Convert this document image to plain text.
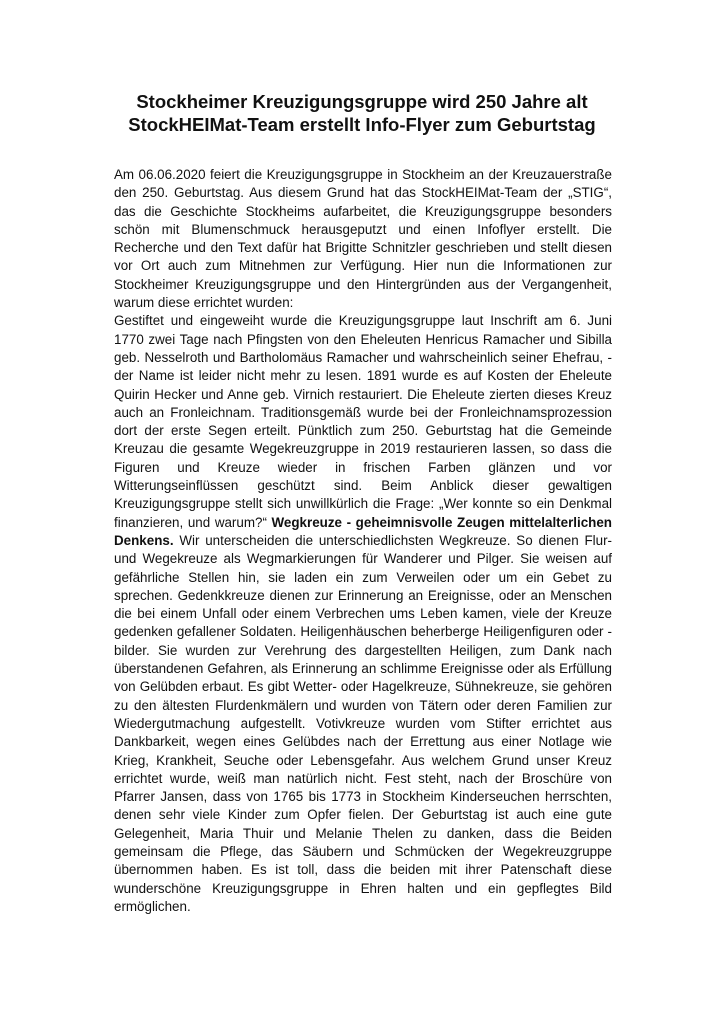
Stockheimer Kreuzigungsgruppe wird 250 Jahre alt
StockHEIMat-Team erstellt Info-Flyer zum Geburtstag

Am 06.06.2020 feiert die Kreuzigungsgruppe in Stockheim an der Kreuzauerstraße den 250. Geburtstag. Aus diesem Grund hat das StockHEIMat-Team der „STIG“, das die Geschichte Stockheims aufarbeitet, die Kreuzigungsgruppe besonders schön mit Blumenschmuck herausgeputzt und einen Infoflyer erstellt. Die Recherche und den Text dafür hat Brigitte Schnitzler geschrieben und stellt diesen vor Ort auch zum Mitnehmen zur Verfügung. Hier nun die Informationen zur Stockheimer Kreuzigungsgruppe und den Hintergründen aus der Vergangenheit, warum diese errichtet wurden:

Gestiftet und eingeweiht wurde die Kreuzigungsgruppe laut Inschrift am 6. Juni 1770 zwei Tage nach Pfingsten von den Eheleuten Henricus Ramacher und Sibilla geb. Nesselroth und Bartholomäus Ramacher und wahrscheinlich seiner Ehefrau, - der Name ist leider nicht mehr zu lesen. 1891 wurde es auf Kosten der Eheleute Quirin Hecker und Anne geb. Virnich restauriert. Die Eheleute zierten dieses Kreuz auch an Fronleichnam. Traditionsgemäß wurde bei der Fronleichnamsprozession dort der erste Segen erteilt. Pünktlich zum 250. Geburtstag hat die Gemeinde Kreuzau die gesamte Wegekreuzgruppe in 2019 restaurieren lassen, so dass die Figuren und Kreuze wieder in frischen Farben glänzen und vor Witterungseinflüssen geschützt sind. Beim Anblick dieser gewaltigen Kreuzigungsgruppe stellt sich unwillkürlich die Frage: „Wer konnte so ein Denkmal finanzieren, und warum?“ Wegkreuze - geheimnisvolle Zeugen mittelalterlichen Denkens. Wir unterscheiden die unterschiedlichsten Wegkreuze. So dienen Flur- und Wegekreuze als Wegmarkierungen für Wanderer und Pilger. Sie weisen auf gefährliche Stellen hin, sie laden ein zum Verweilen oder um ein Gebet zu sprechen. Gedenkkreuze dienen zur Erinnerung an Ereignisse, oder an Menschen die bei einem Unfall oder einem Verbrechen ums Leben kamen, viele der Kreuze gedenken gefallener Soldaten. Heiligenhäuschen beherberge Heiligenfiguren oder -bilder. Sie wurden zur Verehrung des dargestellten Heiligen, zum Dank nach überstandenen Gefahren, als Erinnerung an schlimme Ereignisse oder als Erfüllung von Gelübden erbaut. Es gibt Wetter- oder Hagelkreuze, Sühnekreuze, sie gehören zu den ältesten Flurdenkmälern und wurden von Tätern oder deren Familien zur Wiedergutmachung aufgestellt. Votivkreuze wurden vom Stifter errichtet aus Dankbarkeit, wegen eines Gelübdes nach der Errettung aus einer Notlage wie Krieg, Krankheit, Seuche oder Lebensgefahr. Aus welchem Grund unser Kreuz errichtet wurde, weiß man natürlich nicht. Fest steht, nach der Broschüre von Pfarrer Jansen, dass von 1765 bis 1773 in Stockheim Kinderseuchen herrschten, denen sehr viele Kinder zum Opfer fielen. Der Geburtstag ist auch eine gute Gelegenheit, Maria Thuir und Melanie Thelen zu danken, dass die Beiden gemeinsam die Pflege, das Säubern und Schmücken der Wegekreuzgruppe übernommen haben. Es ist toll, dass die beiden mit ihrer Patenschaft diese wunderschöne Kreuzigungsgruppe in Ehren halten und ein gepflegtes Bild ermöglichen.
